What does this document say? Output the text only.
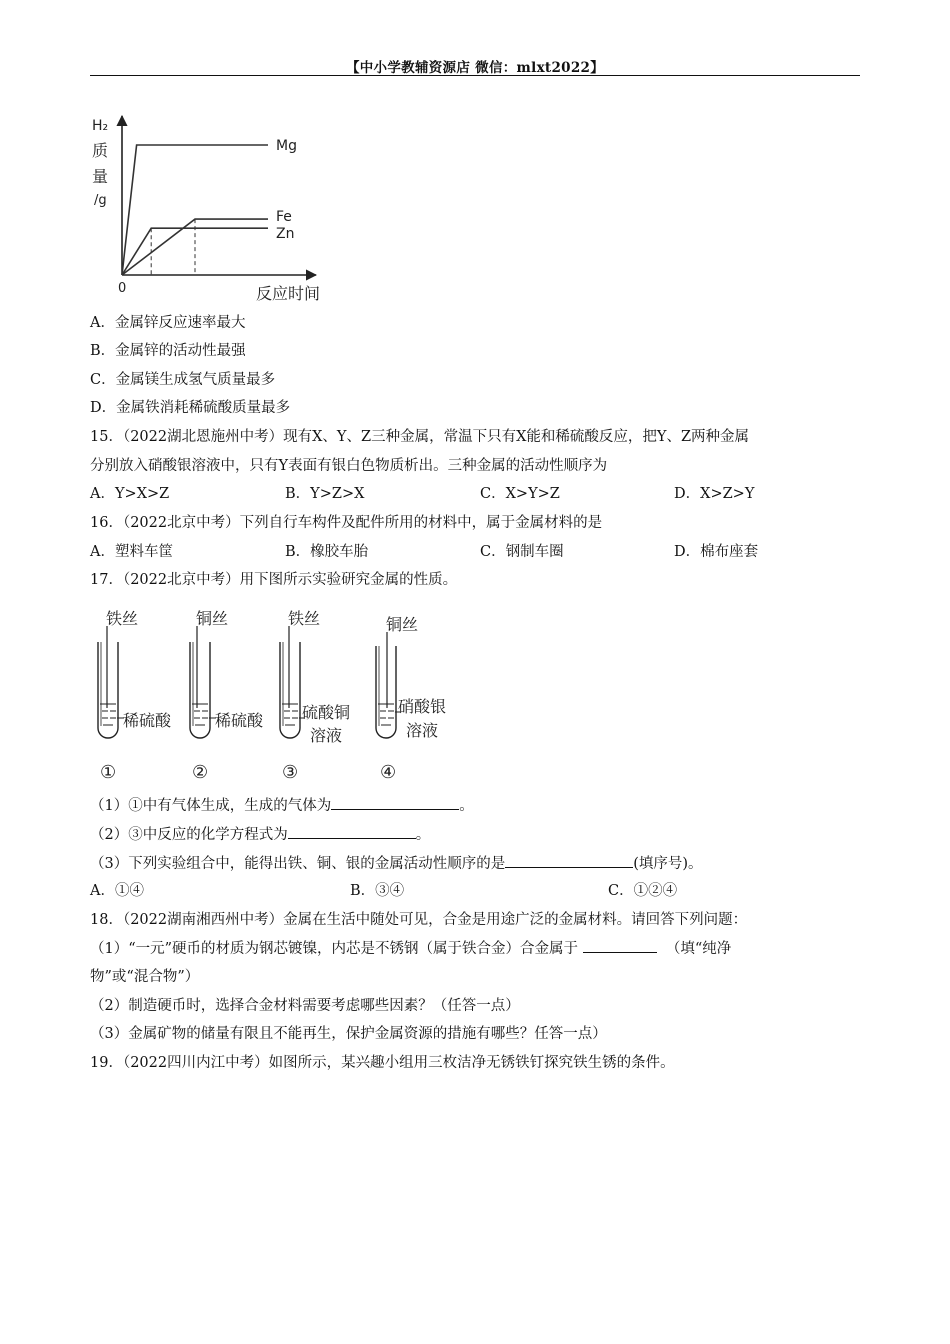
【中小学教辅资源店 微信：mlxt2022】
H₂
质
量
/g
0	反应时间
Mg
Fe
Zn
A．金属锌反应速率最大
B．金属锌的活动性最强
C．金属镁生成氢气质量最多
D．金属铁消耗稀硫酸质量最多
15．（2022湖北恩施州中考）现有X、Y、Z三种金属，常温下只有X能和稀硫酸反应，把Y、Z两种金属
分别放入硝酸银溶液中，只有Y表面有银白色物质析出。三种金属的活动性顺序为
A．Y>X>Z	B．Y>Z>X	C．X>Y>Z	D．X>Z>Y
16．（2022北京中考）下列自行车构件及配件所用的材料中，属于金属材料的是
A．塑料车筐	B．橡胶车胎	C．钢制车圈	D．棉布座套
17．（2022北京中考）用下图所示实验研究金属的性质。
铁丝
稀硫酸
①
铜丝
稀硫酸
②
铁丝
硫酸铜
溶液
③
铜丝
硝酸银
溶液
④
（1）①中有气体生成，生成的气体为	。
（2）③中反应的化学方程式为	。
（3）下列实验组合中，能得出铁、铜、银的金属活动性顺序的是	(填序号)。
A．①④	B．③④	C．①②④
18．（2022湖南湘西州中考）金属在生活中随处可见，合金是用途广泛的金属材料。请回答下列问题：
（1）“一元”硬币的材质为钢芯镀镍，内芯是不锈钢（属于铁合金）合金属于	（填“纯净
物”或“混合物”）
（2）制造硬币时，选择合金材料需要考虑哪些因素？（任答一点）
（3）金属矿物的储量有限且不能再生，保护金属资源的措施有哪些？任答一点）
19．（2022四川内江中考）如图所示，某兴趣小组用三枚洁净无锈铁钉探究铁生锈的条件。
